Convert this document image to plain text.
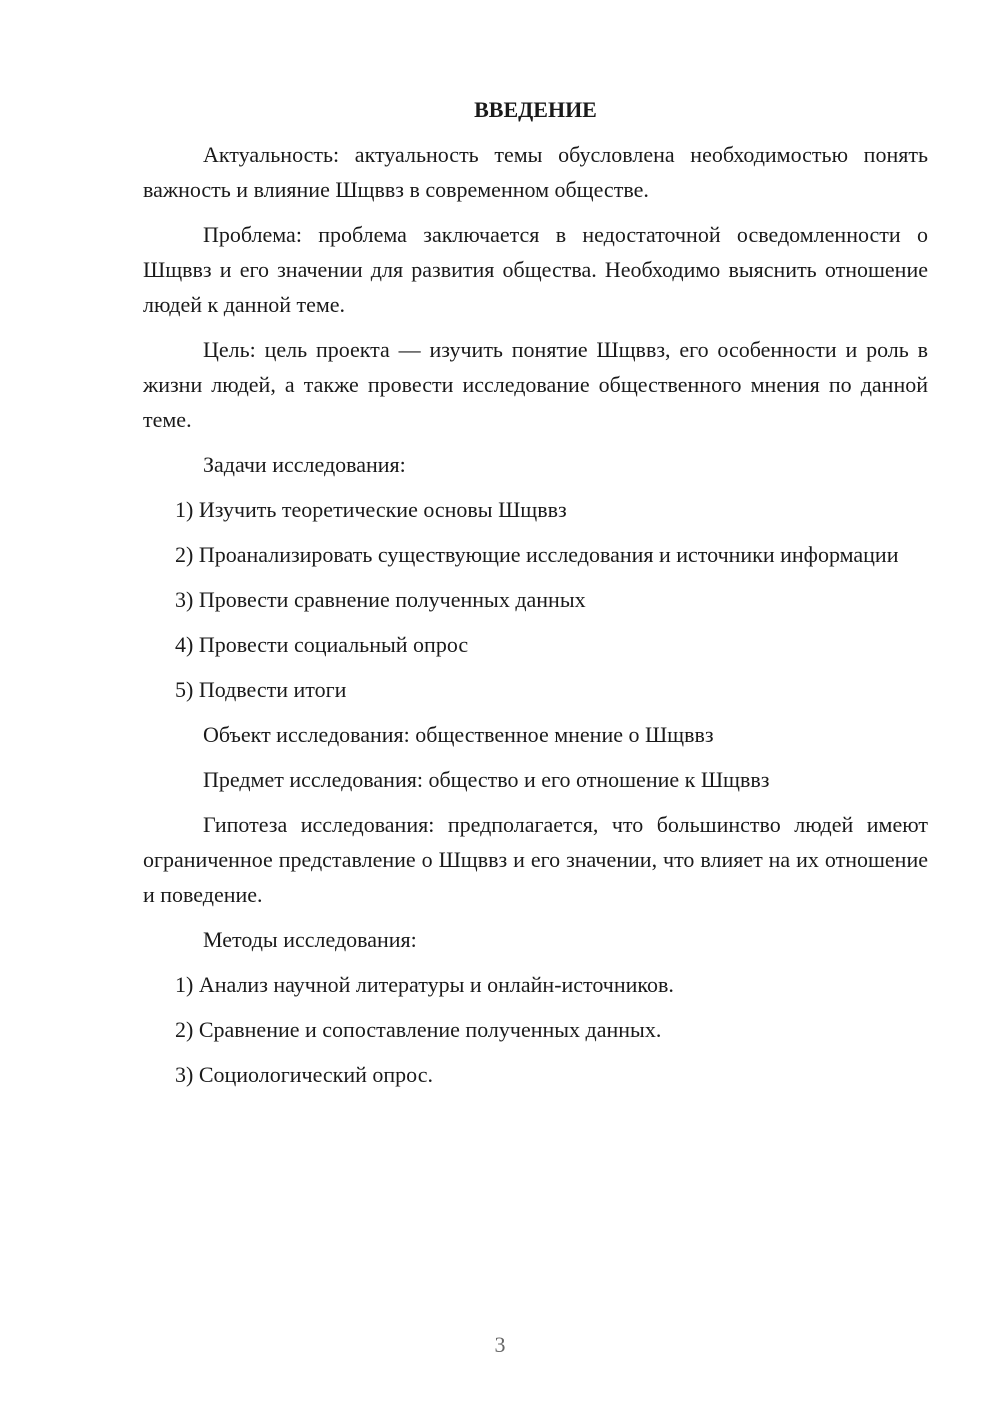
ВВЕДЕНИЕ
Актуальность: актуальность темы обусловлена необходимостью понять важность и влияние Шщввз в современном обществе.
Проблема: проблема заключается в недостаточной осведомленности о Шщввз и его значении для развития общества. Необходимо выяснить отношение людей к данной теме.
Цель: цель проекта — изучить понятие Шщввз, его особенности и роль в жизни людей, а также провести исследование общественного мнения по данной теме.
Задачи исследования:
1) Изучить теоретические основы Шщввз
2) Проанализировать существующие исследования и источники информации
3) Провести сравнение полученных данных
4) Провести социальный опрос
5) Подвести итоги
Объект исследования: общественное мнение о Шщввз
Предмет исследования: общество и его отношение к Шщввз
Гипотеза исследования: предполагается, что большинство людей имеют ограниченное представление о Шщввз и его значении, что влияет на их отношение и поведение.
Методы исследования:
1) Анализ научной литературы и онлайн-источников.
2) Сравнение и сопоставление полученных данных.
3) Социологический опрос.
3
